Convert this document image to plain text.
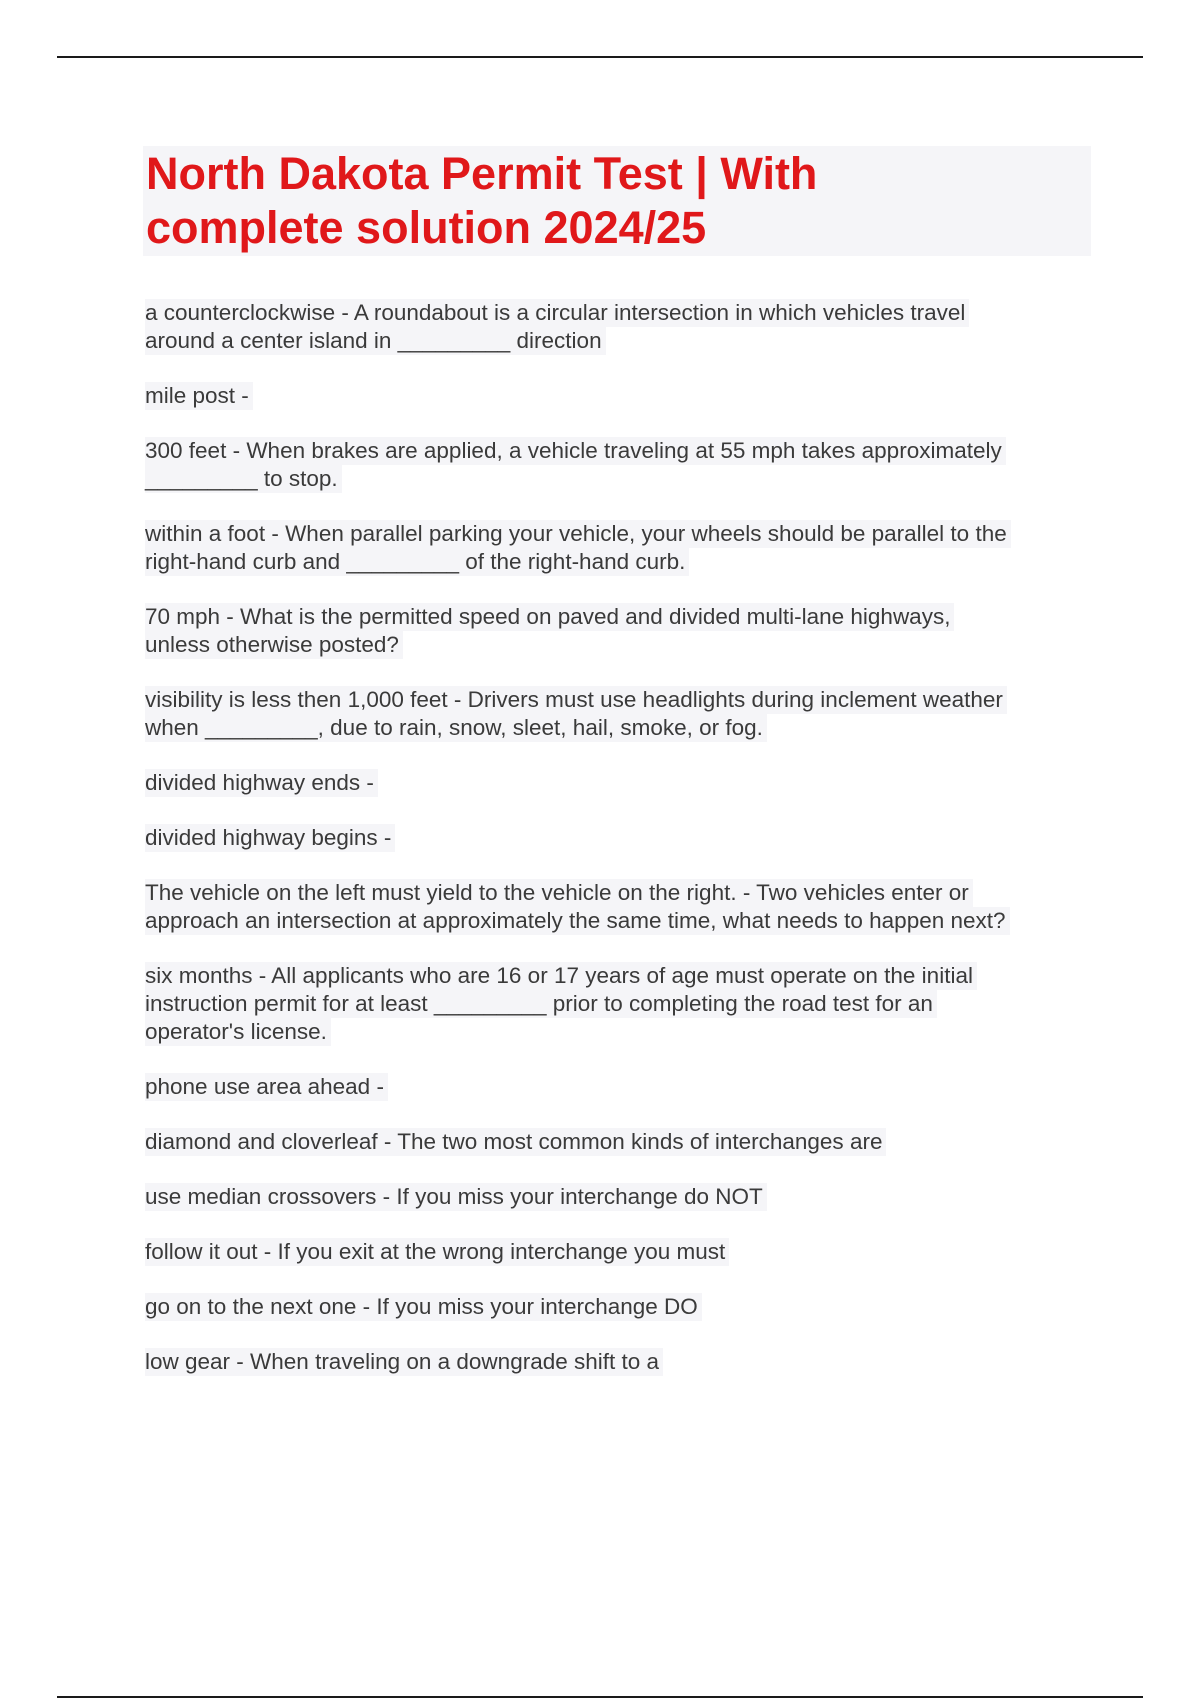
North Dakota Permit Test | With
complete solution 2024/25
a counterclockwise - A roundabout is a circular intersection in which vehicles travel
around a center island in _________ direction
mile post -
300 feet - When brakes are applied, a vehicle traveling at 55 mph takes approximately
_________ to stop.
within a foot - When parallel parking your vehicle, your wheels should be parallel to the
right-hand curb and _________ of the right-hand curb.
70 mph - What is the permitted speed on paved and divided multi-lane highways,
unless otherwise posted?
visibility is less then 1,000 feet - Drivers must use headlights during inclement weather
when _________, due to rain, snow, sleet, hail, smoke, or fog.
divided highway ends -
divided highway begins -
The vehicle on the left must yield to the vehicle on the right. - Two vehicles enter or
approach an intersection at approximately the same time, what needs to happen next?
six months - All applicants who are 16 or 17 years of age must operate on the initial
instruction permit for at least _________ prior to completing the road test for an
operator's license.
phone use area ahead -
diamond and cloverleaf - The two most common kinds of interchanges are
use median crossovers - If you miss your interchange do NOT
follow it out - If you exit at the wrong interchange you must
go on to the next one - If you miss your interchange DO
low gear - When traveling on a downgrade shift to a
